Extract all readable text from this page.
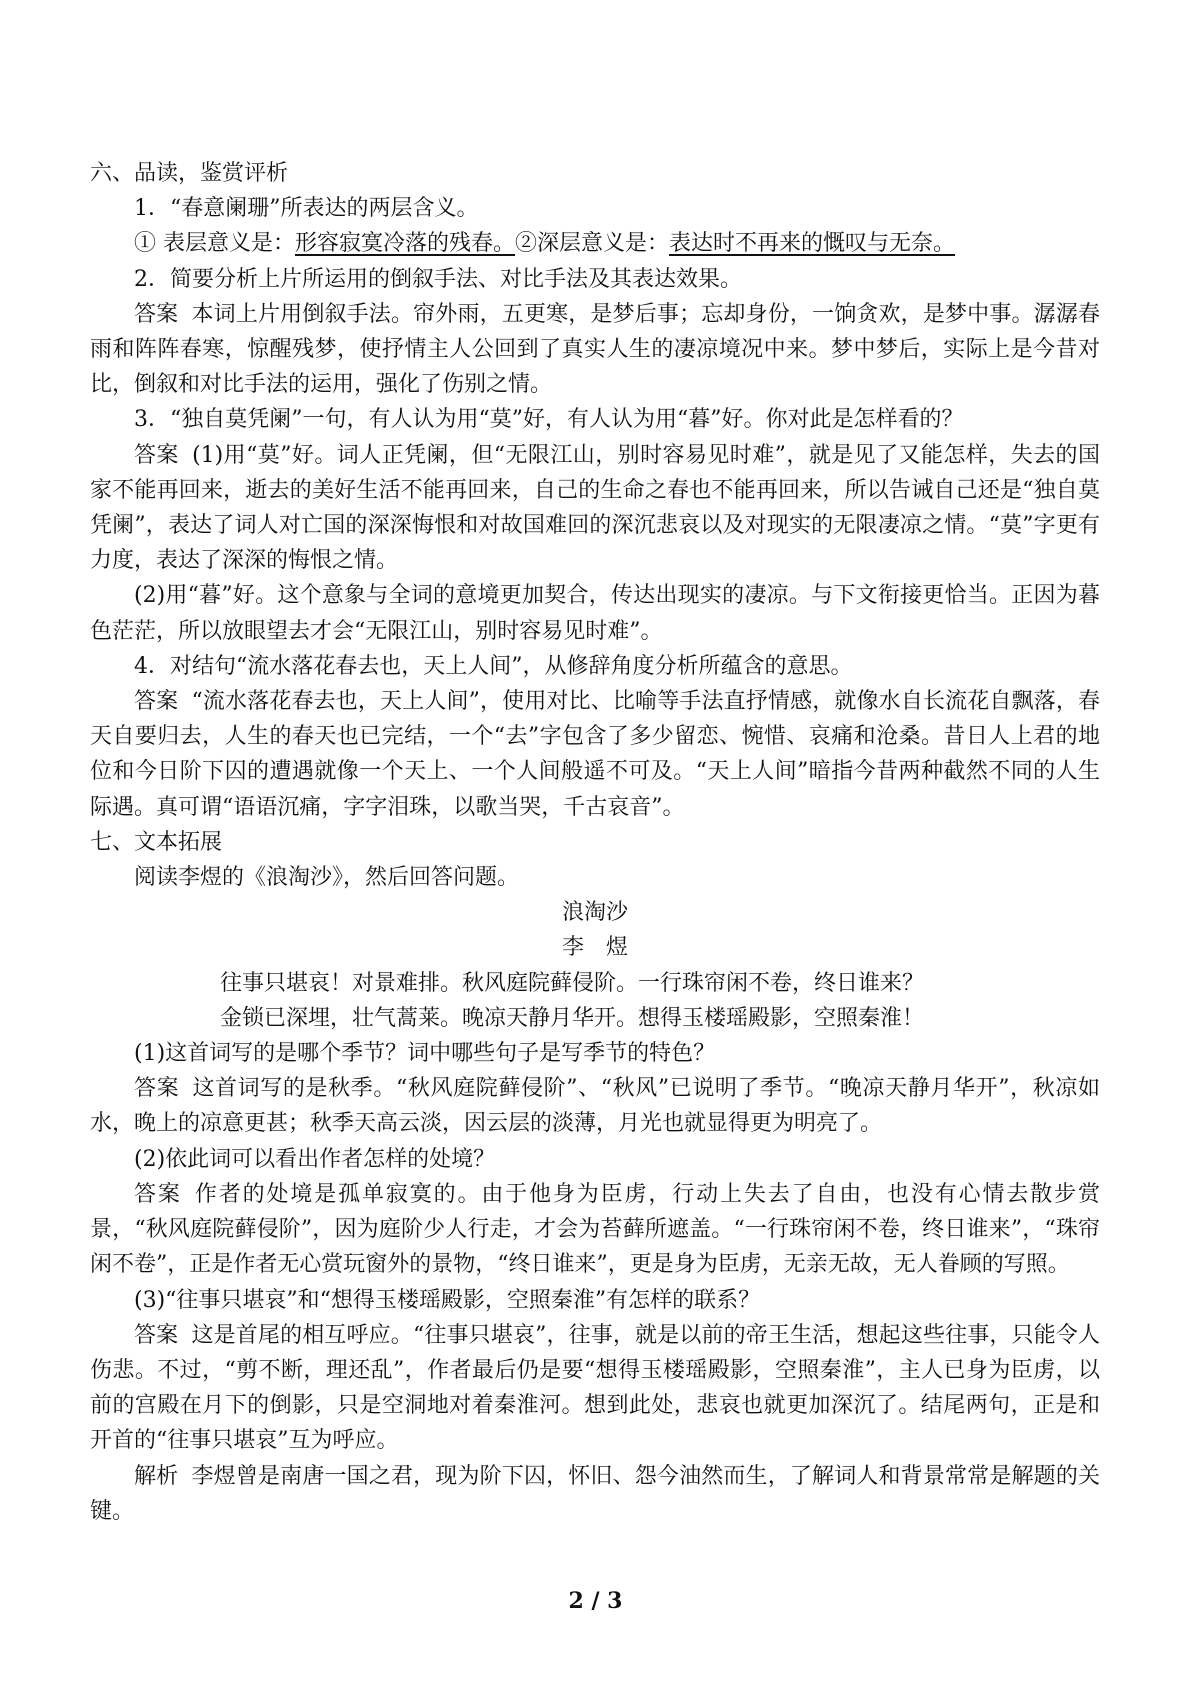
六、品读，鉴赏评析

1．“春意阑珊”所表达的两层含义。

① 表层意义是：形容寂寞冷落的残春。②深层意义是：表达时不再来的慨叹与无奈。

2．简要分析上片所运用的倒叙手法、对比手法及其表达效果。

答案 本词上片用倒叙手法。帘外雨，五更寒，是梦后事；忘却身份，一饷贪欢，是梦中事。潺潺春雨和阵阵春寒，惊醒残梦，使抒情主人公回到了真实人生的凄凉境况中来。梦中梦后，实际上是今昔对比，倒叙和对比手法的运用，强化了伤别之情。

3．“独自莫凭阑”一句，有人认为用“莫”好，有人认为用“暮”好。你对此是怎样看的？

答案 (1)用“莫”好。词人正凭阑，但“无限江山，别时容易见时难”，就是见了又能怎样，失去的国家不能再回来，逝去的美好生活不能再回来，自己的生命之春也不能再回来，所以告诫自己还是“独自莫凭阑”，表达了词人对亡国的深深悔恨和对故国难回的深沉悲哀以及对现实的无限凄凉之情。“莫”字更有力度，表达了深深的悔恨之情。

(2)用“暮”好。这个意象与全词的意境更加契合，传达出现实的凄凉。与下文衔接更恰当。正因为暮色茫茫，所以放眼望去才会“无限江山，别时容易见时难”。

4．对结句“流水落花春去也，天上人间”，从修辞角度分析所蕴含的意思。

答案 “流水落花春去也，天上人间”，使用对比、比喻等手法直抒情感，就像水自长流花自飘落，春天自要归去，人生的春天也已完结，一个“去”字包含了多少留恋、惋惜、哀痛和沧桑。昔日人上君的地位和今日阶下囚的遭遇就像一个天上、一个人间般遥不可及。“天上人间”暗指今昔两种截然不同的人生际遇。真可谓“语语沉痛，字字泪珠，以歌当哭，千古哀音”。

七、文本拓展

阅读李煜的《浪淘沙》，然后回答问题。

浪淘沙

李　煜

往事只堪哀！对景难排。秋风庭院藓侵阶。一行珠帘闲不卷，终日谁来？

金锁已深埋，壮气蒿莱。晚凉天静月华开。想得玉楼瑶殿影，空照秦淮！

(1)这首词写的是哪个季节？词中哪些句子是写季节的特色？

答案 这首词写的是秋季。“秋风庭院藓侵阶”、“秋风”已说明了季节。“晚凉天静月华开”，秋凉如水，晚上的凉意更甚；秋季天高云淡，因云层的淡薄，月光也就显得更为明亮了。

(2)依此词可以看出作者怎样的处境？

答案 作者的处境是孤单寂寞的。由于他身为臣虏，行动上失去了自由，也没有心情去散步赏景，“秋风庭院藓侵阶”，因为庭阶少人行走，才会为苔藓所遮盖。“一行珠帘闲不卷，终日谁来”，“珠帘闲不卷”，正是作者无心赏玩窗外的景物，“终日谁来”，更是身为臣虏，无亲无故，无人眷顾的写照。

(3)“往事只堪哀”和“想得玉楼瑶殿影，空照秦淮”有怎样的联系？

答案 这是首尾的相互呼应。“往事只堪哀”，往事，就是以前的帝王生活，想起这些往事，只能令人伤悲。不过，“剪不断，理还乱”，作者最后仍是要“想得玉楼瑶殿影，空照秦淮”，主人已身为臣虏，以前的宫殿在月下的倒影，只是空洞地对着秦淮河。想到此处，悲哀也就更加深沉了。结尾两句，正是和开首的“往事只堪哀”互为呼应。

解析 李煜曾是南唐一国之君，现为阶下囚，怀旧、怨今油然而生，了解词人和背景常常是解题的关键。

2 / 3
